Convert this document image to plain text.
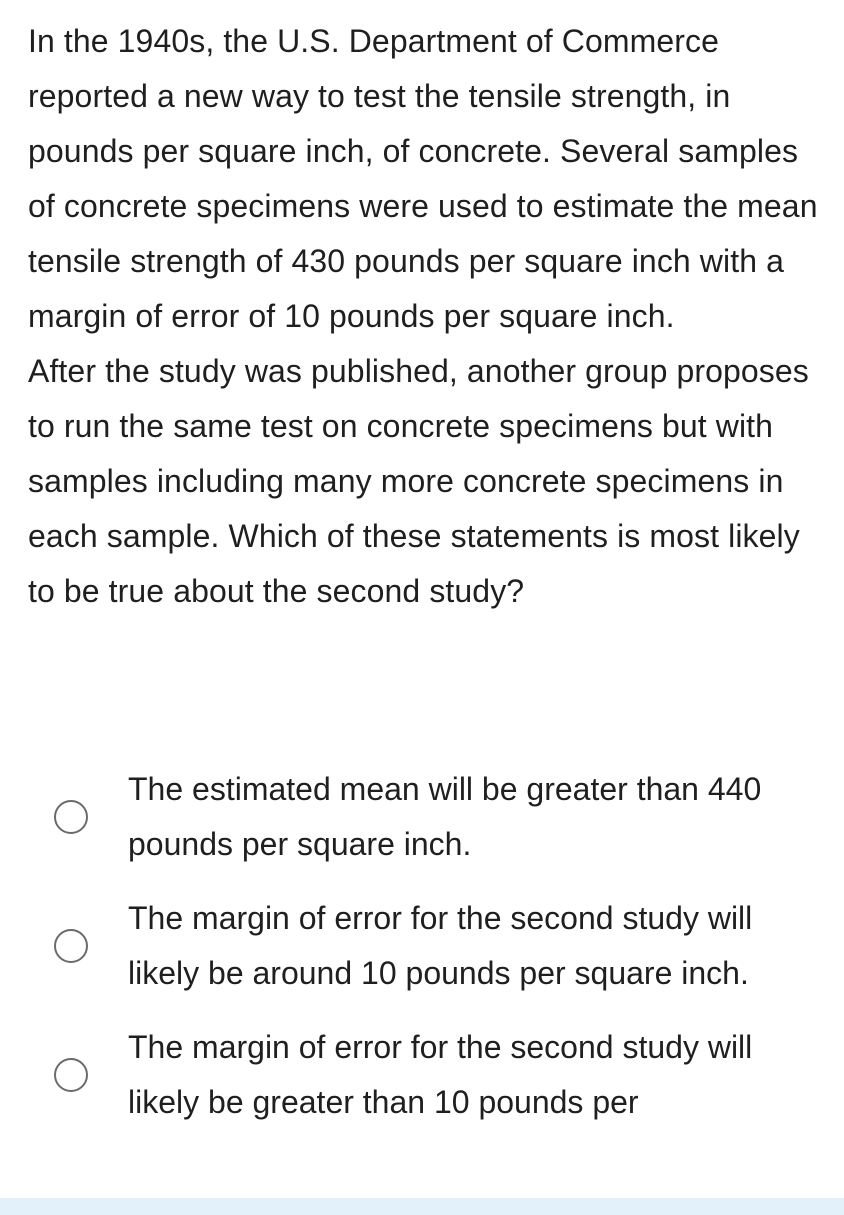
In the 1940s, the U.S. Department of Commerce reported a new way to test the tensile strength, in pounds per square inch, of concrete. Several samples of concrete specimens were used to estimate the mean tensile strength of 430 pounds per square inch with a margin of error of 10 pounds per square inch.

After the study was published, another group proposes to run the same test on concrete specimens but with samples including many more concrete specimens in each sample. Which of these statements is most likely to be true about the second study?

The estimated mean will be greater than 440 pounds per square inch.
The margin of error for the second study will likely be around 10 pounds per square inch.
The margin of error for the second study will likely be greater than 10 pounds per
